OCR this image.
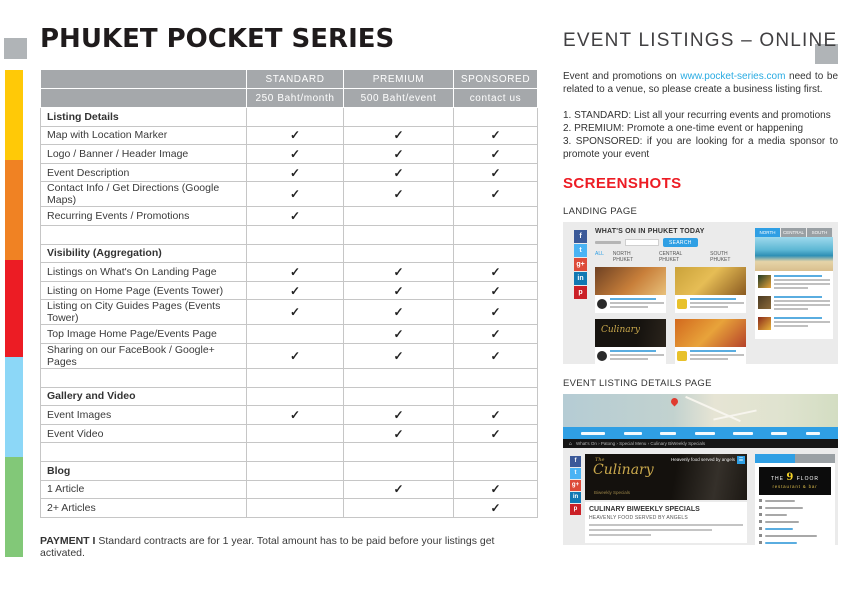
PHUKET POCKET SERIES
	STANDARD	PREMIUM	SPONSORED
	250 Baht/month	500 Baht/event	contact us
Listing Details			
Map with Location Marker	✓	✓	✓
Logo / Banner / Header Image	✓	✓	✓
Event Description	✓	✓	✓
Contact Info / Get Directions (Google Maps)	✓	✓	✓
Recurring Events / Promotions	✓		

Visibility (Aggregation)			
Listings on What's On Landing Page	✓	✓	✓
Listing on Home Page (Events Tower)	✓	✓	✓
Listing on City Guides Pages (Events Tower)	✓	✓	✓
Top Image Home Page/Events Page		✓	✓
Sharing on our FaceBook / Google+ Pages	✓	✓	✓

Gallery and Video			
Event Images	✓	✓	✓
Event Video		✓	✓

Blog			
1 Article		✓	✓
2+ Articles			✓

PAYMENT I Standard contracts are for 1 year. Total amount has to be paid before your listings get activated.

EVENT LISTINGS – ONLINE

Event and promotions on www.pocket-series.com need to be related to a venue, so please create a business listing first.

1. STANDARD: List all your recurring events and promotions

2. PREMIUM: Promote a one-time event or happening

3. SPONSORED: if you are looking for a media sponsor to promote your event

SCREENSHOTS
LANDING PAGE
f
t
g+
in
p
WHAT'S ON IN PHUKET TODAY
SEARCH
ALL NORTH PHUKET
CENTRAL PHUKET
SOUTH PHUKET
Culinary
NORTH	CENTRAL	SOUTH
EVENT LISTING DETAILS PAGE
⌂ What's On › Patong › Special Menu › Culinary BiWeekly Specials
f
t
g+
in
p
The
Culinary
Biweekly Specials
Heavenly food served by angels ☰
CULINARY BIWEEKLY SPECIALS
HEAVENLY FOOD SERVED BY ANGELS
THE 9 FLOOR
restaurant & bar
